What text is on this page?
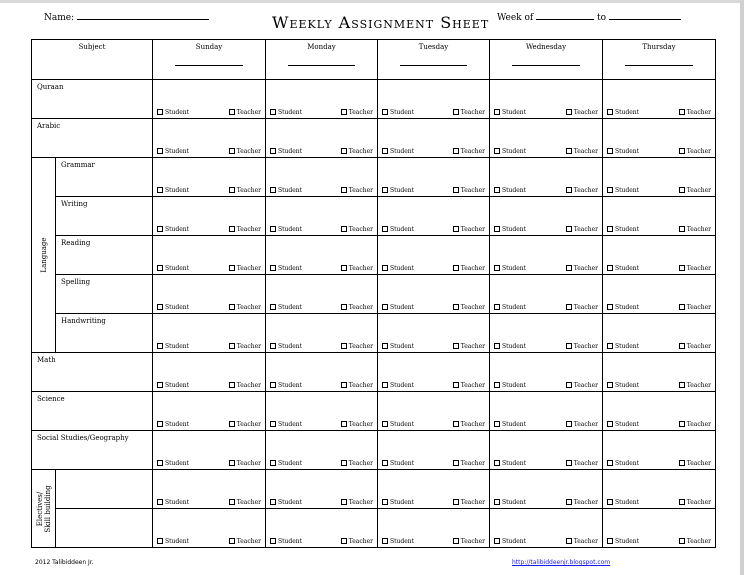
Name:	Weekly Assignment Sheet Week of	to
Subject		Sunday	Monday	Tuesday	Wednesday	Thursday

Quraan		Student Teacher	Student Teacher	Student Teacher	Student Teacher	Student Teacher

Arabic		Student Teacher	Student Teacher	Student Teacher	Student Teacher	Student Teacher

Language	Grammar	Student Teacher	Student Teacher	Student Teacher	Student Teacher	Student Teacher

	Writing	Student Teacher	Student Teacher	Student Teacher	Student Teacher	Student Teacher

	Reading	Student Teacher	Student Teacher	Student Teacher	Student Teacher	Student Teacher

	Spelling	Student Teacher	Student Teacher	Student Teacher	Student Teacher	Student Teacher

	Handwriting	Student Teacher	Student Teacher	Student Teacher	Student Teacher	Student Teacher

Math		Student Teacher	Student Teacher	Student Teacher	Student Teacher	Student Teacher

Science		Student Teacher	Student Teacher	Student Teacher	Student Teacher	Student Teacher

Social Studies/Geography		Student Teacher	Student Teacher	Student Teacher	Student Teacher	Student Teacher

Electives/
Skill building		Student Teacher	Student Teacher	Student Teacher	Student Teacher	Student Teacher

		Student Teacher	Student Teacher	Student Teacher	Student Teacher	Student Teacher
2012 Talibiddeen Jr.	http://talibiddeenjr.blogspot.com
